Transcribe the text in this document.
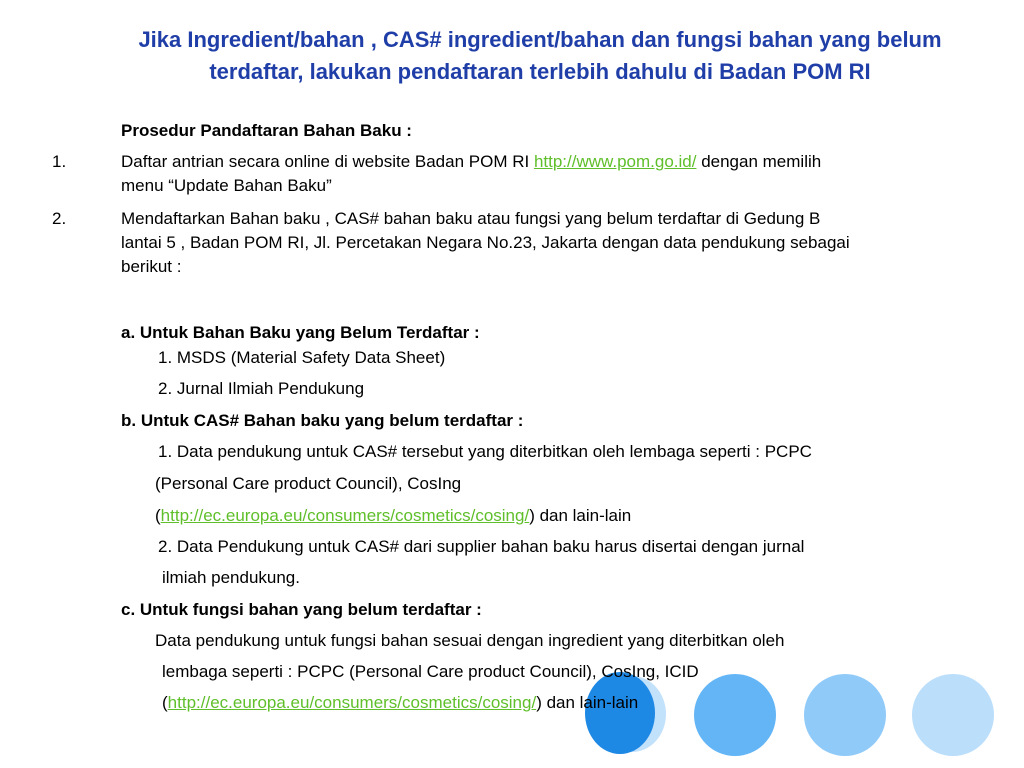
Jika Ingredient/bahan , CAS# ingredient/bahan dan fungsi bahan yang belum
terdaftar, lakukan pendaftaran terlebih dahulu di Badan POM RI
Prosedur Pandaftaran Bahan Baku :
1.	Daftar antrian secara online di website Badan POM RI http://www.pom.go.id/ dengan memilih
menu “Update Bahan Baku”
2.	Mendaftarkan Bahan baku , CAS# bahan baku atau fungsi yang belum terdaftar di Gedung B
lantai 5 , Badan POM RI, Jl. Percetakan Negara No.23, Jakarta dengan data pendukung sebagai
berikut :
a. Untuk Bahan Baku yang Belum Terdaftar :
1. MSDS (Material Safety Data Sheet)
2. Jurnal Ilmiah Pendukung
b. Untuk CAS# Bahan baku yang belum terdaftar :
1. Data pendukung untuk CAS# tersebut yang diterbitkan oleh lembaga seperti : PCPC
(Personal Care product Council), CosIng
(http://ec.europa.eu/consumers/cosmetics/cosing/) dan lain-lain
2. Data Pendukung untuk CAS# dari supplier bahan baku harus disertai dengan jurnal
ilmiah pendukung.
c. Untuk fungsi bahan yang belum terdaftar :
Data pendukung untuk fungsi bahan sesuai dengan ingredient yang diterbitkan oleh
lembaga seperti : PCPC (Personal Care product Council), CosIng, ICID
(http://ec.europa.eu/consumers/cosmetics/cosing/) dan lain-lain
